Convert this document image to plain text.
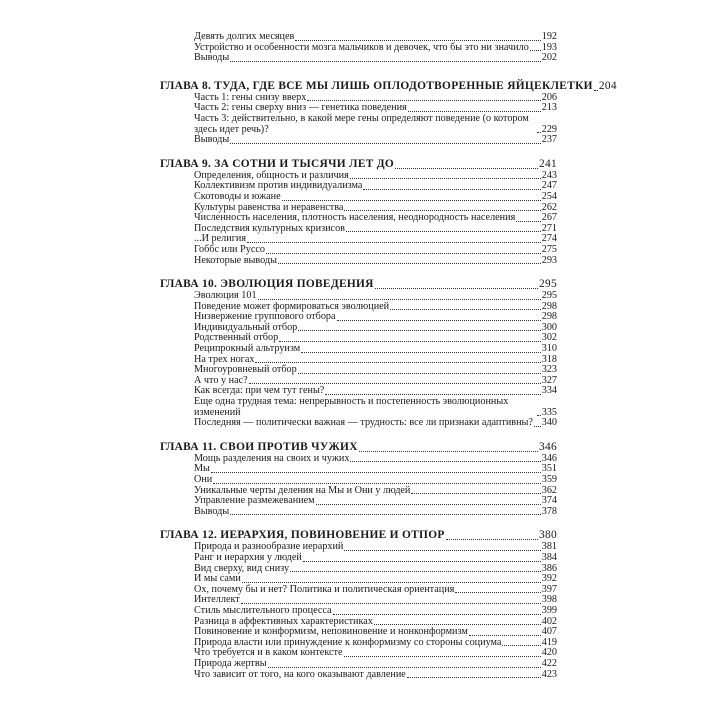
Девять долгих месяцев	192
Устройство и особенности мозга мальчиков и девочек, что бы это ни значило 193
Выводы	202
ГЛАВА 8. ТУДА, ГДЕ ВСЕ МЫ ЛИШЬ ОПЛОДОТВОРЕННЫЕ ЯЙЦЕКЛЕТКИ 204
Часть 1: гены снизу вверх	206
Часть 2: гены сверху вниз — генетика поведения	213
Часть 3: действительно, в какой мере гены определяют поведение (о котором здесь идет речь)?	229
Выводы	237
ГЛАВА 9. ЗА СОТНИ И ТЫСЯЧИ ЛЕТ ДО	241
Определения, общность и различия	243
Коллективизм против индивидуализма	247
Скотоводы и южане	254
Культуры равенства и неравенства	262
Численность населения, плотность населения, неоднородность населения	267
Последствия культурных кризисов	271
...И религия	274
Гоббс или Руссо	275
Некоторые выводы	293
ГЛАВА 10. ЭВОЛЮЦИЯ ПОВЕДЕНИЯ	295
Эволюция 101	295
Поведение может формироваться эволюцией	298
Низвержение группового отбора	298
Индивидуальный отбор	300
Родственный отбор	302
Реципрокный альтруизм	310
На трех ногах	318
Многоуровневый отбор	323
А что у нас?	327
Как всегда: при чем тут гены?	334
Еще одна трудная тема: непрерывность и постепенность эволюционных изменений	335
Последняя — политически важная — трудность: все ли признаки адаптивны? 340
ГЛАВА 11. СВОИ ПРОТИВ ЧУЖИХ	346
Мощь разделения на своих и чужих	346
Мы	351
Они	359
Уникальные черты деления на Мы и Они у людей	362
Управление размежеванием	374
Выводы	378
ГЛАВА 12. ИЕРАРХИЯ, ПОВИНОВЕНИЕ И ОТПОР	380
Природа и разнообразие иерархий	381
Ранг и иерархия у людей	384
Вид сверху, вид снизу	386
И мы сами	392
Ох, почему бы и нет? Политика и политическая ориентация	397
Интеллект	398
Стиль мыслительного процесса	399
Разница в аффективных характеристиках	402
Повиновение и конформизм, неповиновение и нонконформизм	407
Природа власти или принуждение к конформизму со стороны социума	419
Что требуется и в каком контексте	420
Природа жертвы	422
Что зависит от того, на кого оказывают давление	423
